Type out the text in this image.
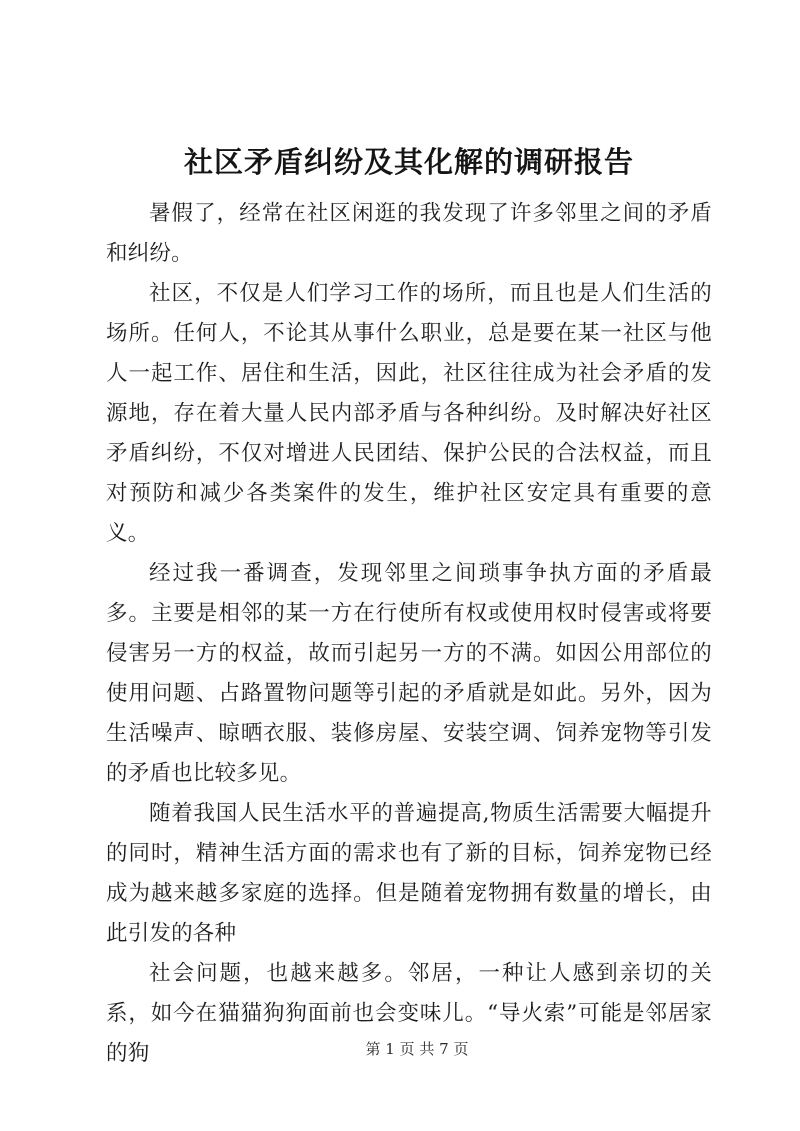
社区矛盾纠纷及其化解的调研报告

暑假了，经常在社区闲逛的我发现了许多邻里之间的矛盾和纠纷。

社区，不仅是人们学习工作的场所，而且也是人们生活的场所。任何人，不论其从事什么职业，总是要在某一社区与他人一起工作、居住和生活，因此，社区往往成为社会矛盾的发源地，存在着大量人民内部矛盾与各种纠纷。及时解决好社区矛盾纠纷，不仅对增进人民团结、保护公民的合法权益，而且对预防和减少各类案件的发生，维护社区安定具有重要的意义。

经过我一番调查，发现邻里之间琐事争执方面的矛盾最多。主要是相邻的某一方在行使所有权或使用权时侵害或将要侵害另一方的权益，故而引起另一方的不满。如因公用部位的使用问题、占路置物问题等引起的矛盾就是如此。另外，因为生活噪声、晾晒衣服、装修房屋、安装空调、饲养宠物等引发的矛盾也比较多见。

随着我国人民生活水平的普遍提高,物质生活需要大幅提升的同时，精神生活方面的需求也有了新的目标，饲养宠物已经成为越来越多家庭的选择。但是随着宠物拥有数量的增长，由此引发的各种

社会问题，也越来越多。邻居，一种让人感到亲切的关系，如今在猫猫狗狗面前也会变味儿。“导火索”可能是邻居家的狗	第 1 页 共 7 页
